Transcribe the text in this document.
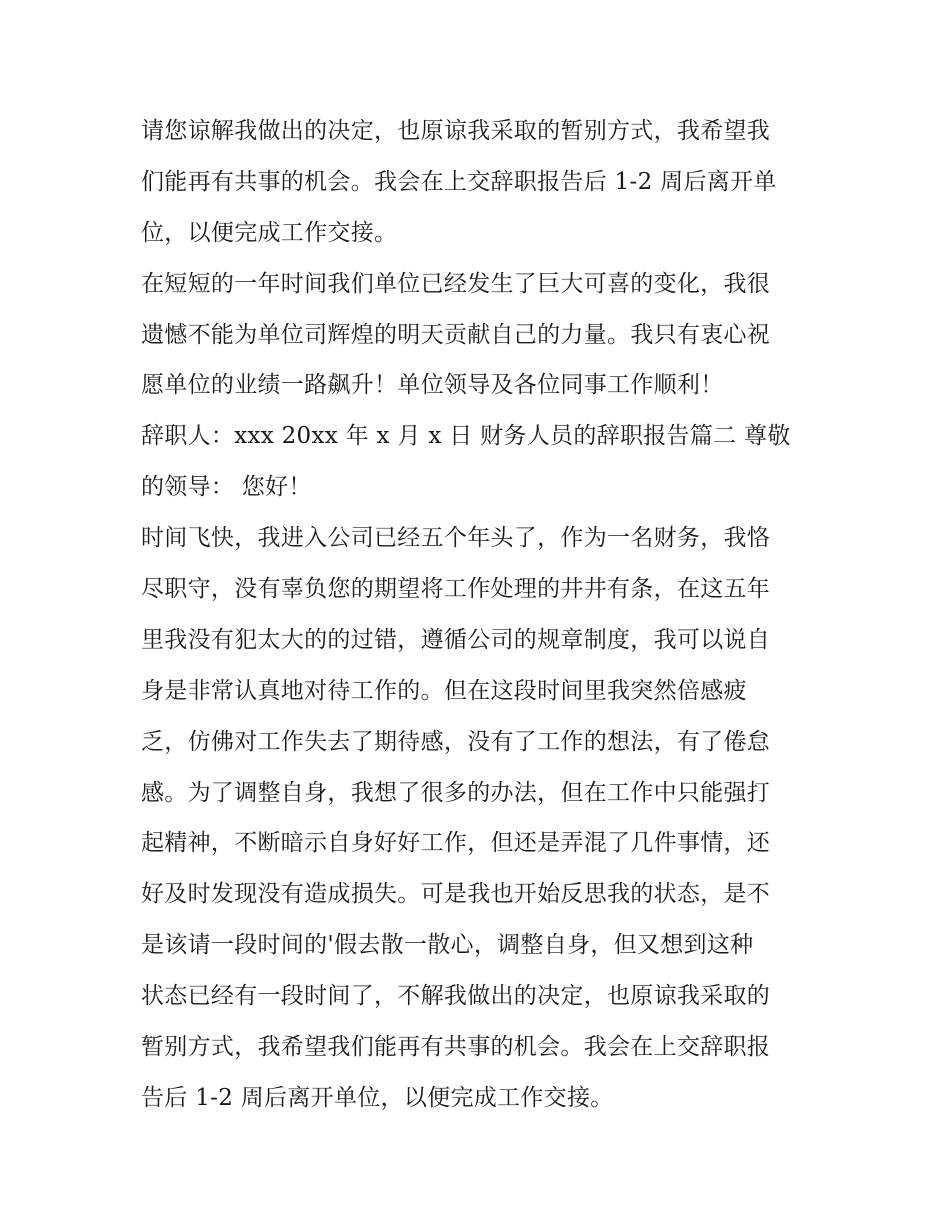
请您谅解我做出的决定，也原谅我采取的暂别方式，我希望我
们能再有共事的机会。我会在上交辞职报告后 1-2 周后离开单
位，以便完成工作交接。
在短短的一年时间我们单位已经发生了巨大可喜的变化，我很
遗憾不能为单位司辉煌的明天贡献自己的力量。我只有衷心祝
愿单位的业绩一路飙升！单位领导及各位同事工作顺利！
辞职人：xxx 20xx 年 x 月 x 日 财务人员的辞职报告篇二 尊敬
的领导： 您好！
时间飞快，我进入公司已经五个年头了，作为一名财务，我恪
尽职守，没有辜负您的期望将工作处理的井井有条，在这五年
里我没有犯太大的的过错，遵循公司的规章制度，我可以说自
身是非常认真地对待工作的。但在这段时间里我突然倍感疲
乏，仿佛对工作失去了期待感，没有了工作的想法，有了倦怠
感。为了调整自身，我想了很多的办法，但在工作中只能强打
起精神，不断暗示自身好好工作，但还是弄混了几件事情，还
好及时发现没有造成损失。可是我也开始反思我的状态，是不
是该请一段时间的'假去散一散心，调整自身，但又想到这种
状态已经有一段时间了，不解我做出的决定，也原谅我采取的
暂别方式，我希望我们能再有共事的机会。我会在上交辞职报
告后 1-2 周后离开单位，以便完成工作交接。
